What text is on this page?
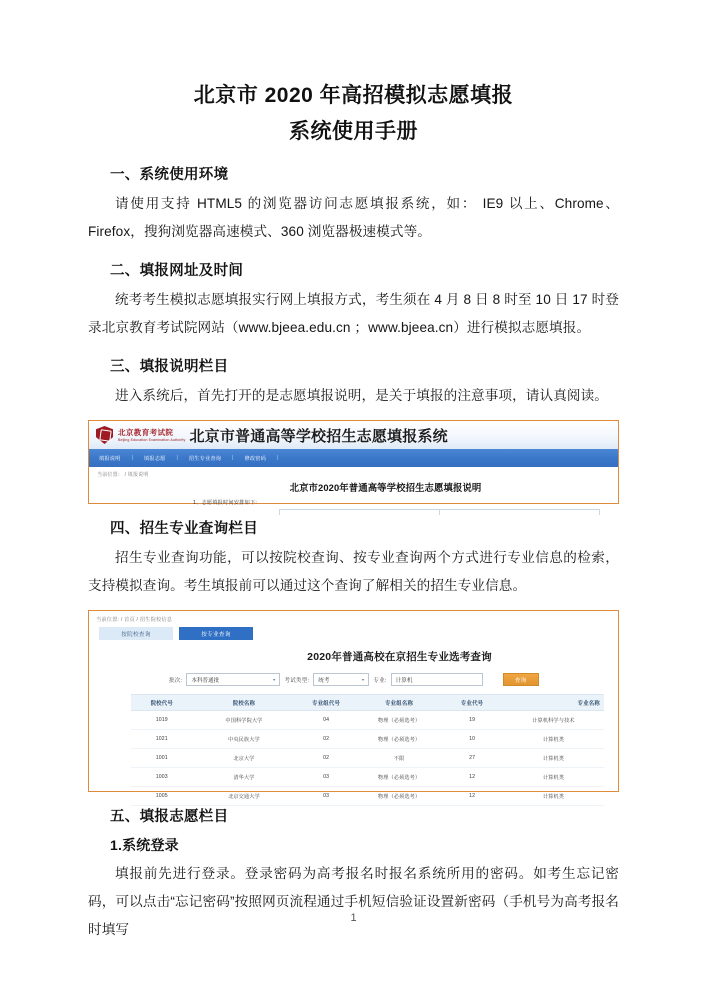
北京市 2020 年高招模拟志愿填报
系统使用手册
一、系统使用环境

请使用支持 HTML5 的浏览器访问志愿填报系统，如： IE9 以上、Chrome、Firefox，搜狗浏览器高速模式、360 浏览器极速模式等。

二、填报网址及时间

统考考生模拟志愿填报实行网上填报方式，考生须在 4 月 8 日 8 时至 10 日 17 时登录北京教育考试院网站（www.bjeea.edu.cn ；www.bjeea.cn）进行模拟志愿填报。

三、填报说明栏目

进入系统后，首先打开的是志愿填报说明，是关于填报的注意事项，请认真阅读。

北京教育考试院
Beijing Education Examination Authority 北京市普通高等学校招生志愿填报系统
填报说明	|	填报志愿	|	招生专业查询	|	修改密码	|
当前位置： / 填报说明
北京市2020年普通高等学校招生志愿填报说明
1、志愿填报时间安排如下:
四、招生专业查询栏目

招生专业查询功能，可以按院校查询、按专业查询两个方式进行专业信息的检索，支持模拟查询。考生填报前可以通过这个查询了解相关的招生专业信息。

当前位置: / 首页 / 招生院校信息
按院校查询	按专业查询
2020年普通高校在京招生专业选考查询
批次: 本科普通批	▾ 考试类型: 统考	▾ 专业: 计算机	查询
院校代号	院校名称	专业组代号	专业组名称	专业代号	专业名称
1019	中国科学院大学	04	物理（必须选考）	19	计算机科学与技术
1021	中央民族大学	02	物理（必须选考）	10	计算机类
1001	北京大学	02	不限	27	计算机类
1003	清华大学	03	物理（必须选考）	12	计算机类
1005	北京交通大学	03	物理（必须选考）	12	计算机类
五、填报志愿栏目
1.系统登录

填报前先进行登录。登录密码为高考报名时报名系统所用的密码。如考生忘记密码，可以点击“忘记密码”按照网页流程通过手机短信验证设置新密码（手机号为高考报名时填写

1
